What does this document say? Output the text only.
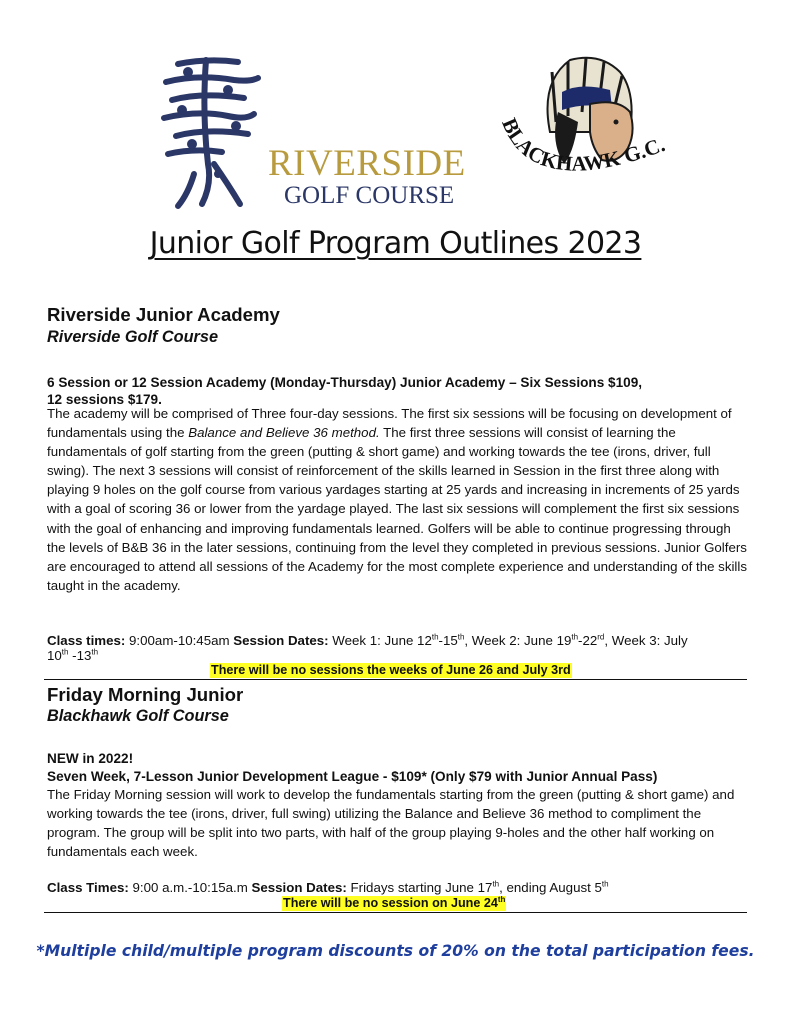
RIVERSIDE
GOLF COURSE
BLACKHAWK G.C.
Junior Golf Program Outlines 2023
Riverside Junior Academy
Riverside Golf Course
6 Session or 12 Session Academy (Monday-Thursday) Junior Academy – Six Sessions $109,
12 sessions $179.
The academy will be comprised of Three four-day sessions. The first six sessions will be focusing on development of fundamentals using the Balance and Believe 36 method. The first three sessions will consist of learning the fundamentals of golf starting from the green (putting & short game) and working towards the tee (irons, driver, full swing). The next 3 sessions will consist of reinforcement of the skills learned in Session in the first three along with playing 9 holes on the golf course from various yardages starting at 25 yards and increasing in increments of 25 yards with a goal of scoring 36 or lower from the yardage played. The last six sessions will complement the first six sessions with the goal of enhancing and improving fundamentals learned. Golfers will be able to continue progressing through the levels of B&B 36 in the later sessions, continuing from the level they completed in previous sessions. Junior Golfers are encouraged to attend all sessions of the Academy for the most complete experience and understanding of the skills taught in the academy.
Class times: 9:00am-10:45am Session Dates: Week 1: June 12th-15th, Week 2: June 19th-22rd, Week 3: July
10th -13th
There will be no sessions the weeks of June 26 and July 3rd
Friday Morning Junior
Blackhawk Golf Course
NEW in 2022!
Seven Week, 7-Lesson Junior Development League - $109* (Only $79 with Junior Annual Pass)
The Friday Morning session will work to develop the fundamentals starting from the green (putting & short game) and working towards the tee (irons, driver, full swing) utilizing the Balance and Believe 36 method to compliment the program. The group will be split into two parts, with half of the group playing 9-holes and the other half working on fundamentals each week.
Class Times: 9:00 a.m.-10:15a.m Session Dates: Fridays starting June 17th, ending August 5th
There will be no session on June 24th
*Multiple child/multiple program discounts of 20% on the total participation fees.
